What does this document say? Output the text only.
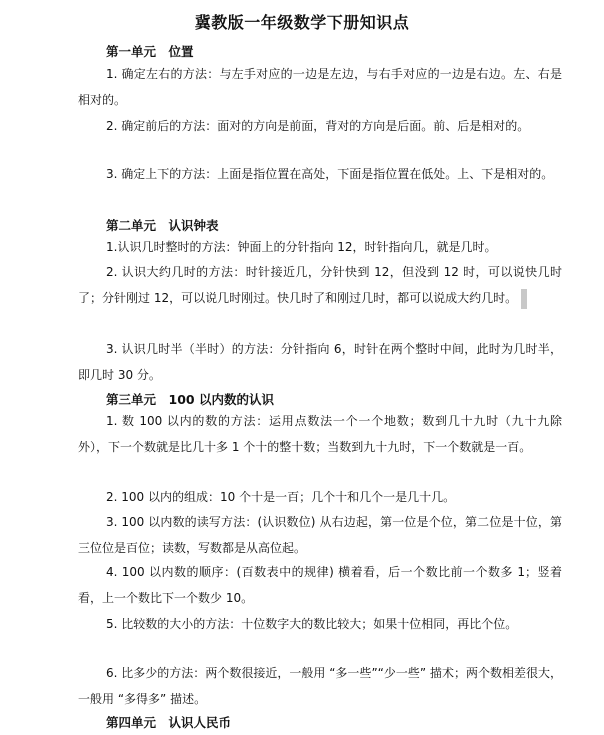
冀教版一年级数学下册知识点
第一单元　位置
1. 确定左右的方法：与左手对应的一边是左边，与右手对应的一边是右边。左、右是相对的。
2. 确定前后的方法：面对的方向是前面，背对的方向是后面。前、后是相对的。
3. 确定上下的方法：上面是指位置在高处，下面是指位置在低处。上、下是相对的。
第二单元　认识钟表
1.认识几时整时的方法：钟面上的分针指向 12，时针指向几，就是几时。
2. 认识大约几时的方法：时针接近几，分针快到 12，但没到 12 时，可以说快几时了；分针刚过 12，可以说几时刚过。快几时了和刚过几时，都可以说成大约几时。
3. 认识几时半（半时）的方法：分针指向 6，时针在两个整时中间，此时为几时半，即几时 30 分。
第三单元　100 以内数的认识
1. 数 100 以内的数的方法：运用点数法一个一个地数；数到几十九时（九十九除外），下一个数就是比几十多 1 个十的整十数；当数到九十九时，下一个数就是一百。
2. 100 以内的组成：10 个十是一百；几个十和几个一是几十几。
3. 100 以内数的读写方法：(认识数位) 从右边起，第一位是个位，第二位是十位，第三位位是百位；读数，写数都是从高位起。
4. 100 以内数的顺序：(百数表中的规律) 横着看，后一个数比前一个数多 1；竖着看，上一个数比下一个数少 10。
5. 比较数的大小的方法：十位数字大的数比较大；如果十位相同，再比个位。
6. 比多少的方法：两个数很接近，一般用 “多一些”“少一些” 描术；两个数相差很大，一般用 “多得多” 描述。
第四单元　认识人民币
